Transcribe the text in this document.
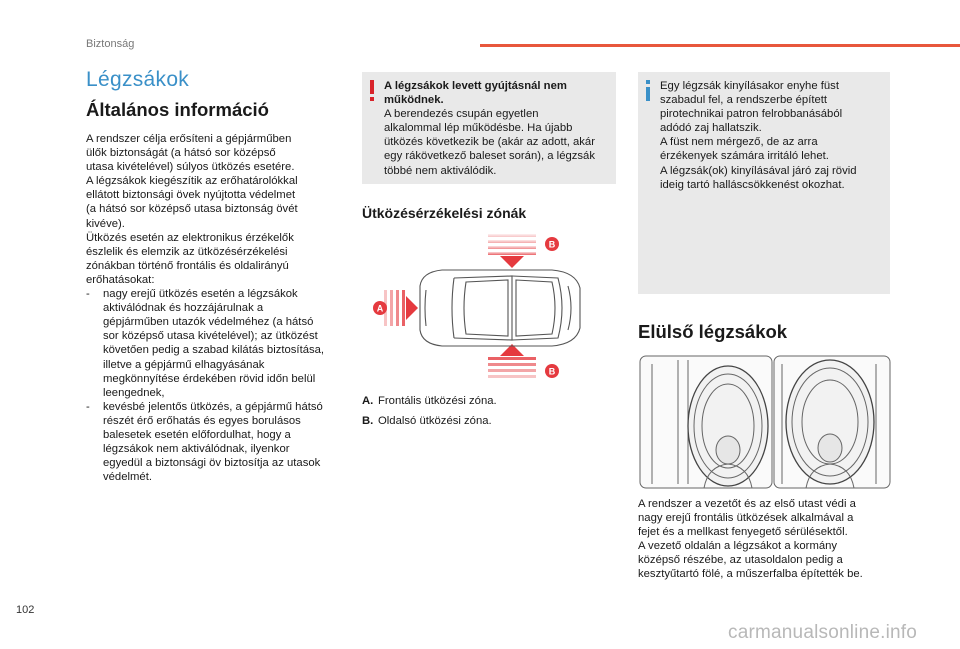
Biztonság
Légzsákok
Általános információ
A rendszer célja erősíteni a gépjárműben
ülők biztonságát (a hátsó sor középső
utasa kivételével) súlyos ütközés esetére.
A légzsákok kiegészítik az erőhatárolókkal
ellátott biztonsági övek nyújtotta védelmet
(a hátsó sor középső utasa biztonság övét
kivéve).
Ütközés esetén az elektronikus érzékelők
észlelik és elemzik az ütközésérzékelési
zónákban történő frontális és oldalirányú
erőhatásokat:
-	nagy erejű ütközés esetén a légzsákok
aktiválódnak és hozzájárulnak a
gépjárműben utazók védelméhez (a hátsó
sor középső utasa kivételével); az ütközést
követően pedig a szabad kilátás biztosítása,
illetve a gépjármű elhagyásának
megkönnyítése érdekében rövid időn belül
leengednek,
-	kevésbé jelentős ütközés, a gépjármű hátsó
részét érő erőhatás és egyes borulásos
balesetek esetén előfordulhat, hogy a
légzsákok nem aktiválódnak, ilyenkor
egyedül a biztonsági öv biztosítja az utasok
védelmét.
A légzsákok levett gyújtásnál nem
működnek.
A berendezés csupán egyetlen
alkalommal lép működésbe. Ha újabb
ütközés következik be (akár az adott, akár
egy rákövetkező baleset során), a légzsák
többé nem aktiválódik.
Egy légzsák kinyílásakor enyhe füst
szabadul fel, a rendszerbe épített
pirotechnikai patron felrobbanásából
adódó zaj hallatszik.
A füst nem mérgező, de az arra
érzékenyek számára irritáló lehet.
A légzsák(ok) kinyílásával járó zaj rövid
ideig tartó halláscsökkenést okozhat.
Ütközésérzékelési zónák
B
B
A
A. Frontális ütközési zóna.
B. Oldalsó ütközési zóna.
Elülső légzsákok
A rendszer a vezetőt és az első utast védi a
nagy erejű frontális ütközések alkalmával a
fejet és a mellkast fenyegető sérülésektől.
A vezető oldalán a légzsákot a kormány
középső részébe, az utasoldalon pedig a
kesztyűtartó fölé, a műszerfalba építették be.
102
carmanualsonline.info
